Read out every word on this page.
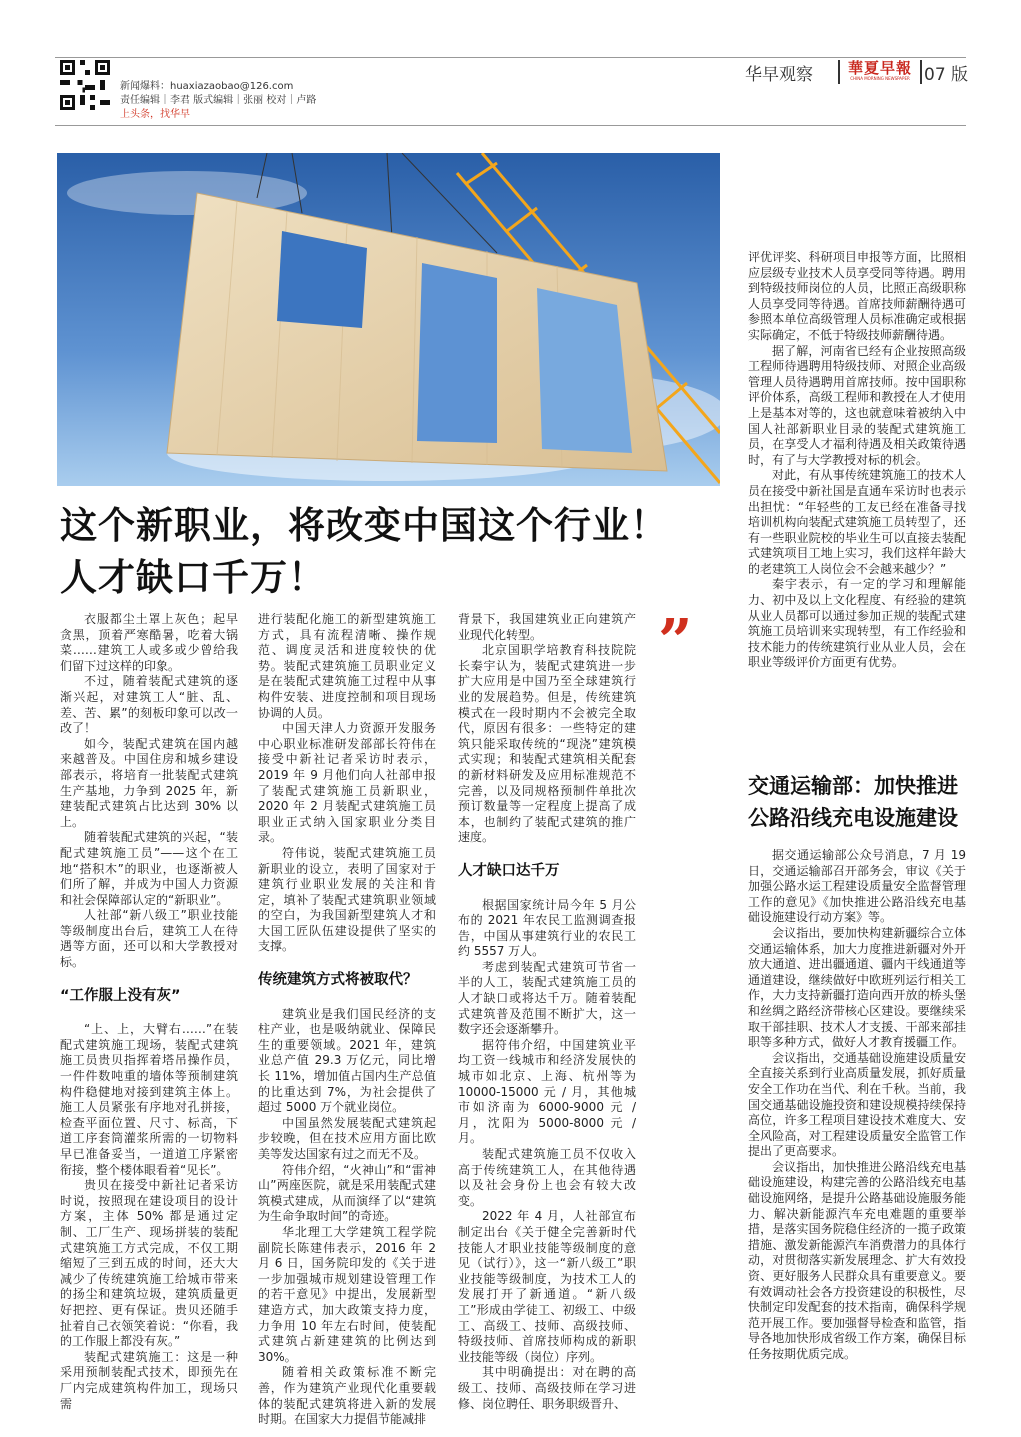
新闻爆料：huaxiazaobao@126.com
责任编辑｜李君 版式编辑｜张丽 校对｜卢路
上头条，找华早
华早观察 華夏早報
CHINA MORNING NEWSPAPER 07 版
这个新职业，将改变中国这个行业！
人才缺口千万！

衣服都尘土罩上灰色；起早贪黑，顶着严寒酷暑，吃着大锅菜……建筑工人或多或少曾给我们留下过这样的印象。

不过，随着装配式建筑的逐渐兴起，对建筑工人“脏、乱、差、苦、累”的刻板印象可以改一改了！

如今，装配式建筑在国内越来越普及。中国住房和城乡建设部表示，将培育一批装配式建筑生产基地，力争到 2025 年，新建装配式建筑占比达到 30% 以上。

随着装配式建筑的兴起，“装配式建筑施工员”——这个在工地“搭积木”的职业，也逐渐被人们所了解，并成为中国人力资源和社会保障部认定的“新职业”。

人社部“新八级工”职业技能等级制度出台后，建筑工人在待遇等方面，还可以和大学教授对标。

“工作服上没有灰”

“上、上，大臂右……”在装配式建筑施工现场，装配式建筑施工员贵贝指挥着塔吊操作员，一件件数吨重的墙体等预制建筑构件稳健地对接到建筑主体上。施工人员紧张有序地对孔拼接，检查平面位置、尺寸、标高，下道工序套筒灌浆所需的一切物料早已准备妥当，一道道工序紧密衔接，整个楼体眼看着“见长”。

贵贝在接受中新社记者采访时说，按照现在建设项目的设计方案，主体 50% 都是通过定制、工厂生产、现场拼装的装配式建筑施工方式完成，不仅工期缩短了三到五成的时间，还大大减少了传统建筑施工给城市带来的扬尘和建筑垃圾，建筑质量更好把控、更有保证。贵贝还随手扯着自己衣领笑着说：“你看，我的工作服上都没有灰。”

装配式建筑施工：这是一种采用预制装配式技术，即预先在厂内完成建筑构件加工，现场只需

进行装配化施工的新型建筑施工方式，具有流程清晰、操作规范、调度灵活和进度较快的优势。装配式建筑施工员职业定义是在装配式建筑施工过程中从事构件安装、进度控制和项目现场协调的人员。

中国天津人力资源开发服务中心职业标准研发部部长符伟在接受中新社记者采访时表示，2019 年 9 月他们向人社部申报了装配式建筑施工员新职业，2020 年 2 月装配式建筑施工员职业正式纳入国家职业分类目录。

符伟说，装配式建筑施工员新职业的设立，表明了国家对于建筑行业职业发展的关注和肯定，填补了装配式建筑职业领域的空白，为我国新型建筑人才和大国工匠队伍建设提供了坚实的支撑。

传统建筑方式将被取代？

建筑业是我们国民经济的支柱产业，也是吸纳就业、保障民生的重要领域。2021 年，建筑业总产值 29.3 万亿元，同比增长 11%，增加值占国内生产总值的比重达到 7%，为社会提供了超过 5000 万个就业岗位。

中国虽然发展装配式建筑起步较晚，但在技术应用方面比欧美等发达国家有过之而无不及。

符伟介绍，“火神山”和“雷神山”两座医院，就是采用装配式建筑模式建成，从而演绎了以“建筑为生命争取时间”的奇迹。

华北理工大学建筑工程学院副院长陈建伟表示，2016 年 2 月 6 日，国务院印发的《关于进一步加强城市规划建设管理工作的若干意见》中提出，发展新型建造方式，加大政策支持力度，力争用 10 年左右时间，使装配式建筑占新建建筑的比例达到 30%。

随着相关政策标准不断完善，作为建筑产业现代化重要载体的装配式建筑将进入新的发展时期。在国家大力提倡节能减排

背景下，我国建筑业正向建筑产业现代化转型。

北京国职学培教育科技院院长秦宇认为，装配式建筑进一步扩大应用是中国乃至全球建筑行业的发展趋势。但是，传统建筑模式在一段时期内不会被完全取代，原因有很多：一些特定的建筑只能采取传统的“现浇”建筑模式实现；和装配式建筑相关配套的新材料研发及应用标准规范不完善，以及同规格预制件单批次预订数量等一定程度上提高了成本，也制约了装配式建筑的推广速度。

人才缺口达千万

根据国家统计局今年 5 月公布的 2021 年农民工监测调查报告，中国从事建筑行业的农民工约 5557 万人。

考虑到装配式建筑可节省一半的人工，装配式建筑施工员的人才缺口或将达千万。随着装配式建筑普及范围不断扩大，这一数字还会逐渐攀升。

据符伟介绍，中国建筑业平均工资一线城市和经济发展快的城市如北京、上海、杭州等为 10000-15000 元 / 月，其他城市如济南为 6000-9000 元 / 月，沈阳为 5000-8000 元 / 月。

装配式建筑施工员不仅收入高于传统建筑工人，在其他待遇以及社会身份上也会有较大改变。

2022 年 4 月，人社部宣布制定出台《关于健全完善新时代技能人才职业技能等级制度的意见（试行）》，这一“新八级工”职业技能等级制度，为技术工人的发展打开了新通道。“新八级工”形成由学徒工、初级工、中级工、高级工、技师、高级技师、特级技师、首席技师构成的新职业技能等级（岗位）序列。

其中明确提出：对在聘的高级工、技师、高级技师在学习进修、岗位聘任、职务职级晋升、

”

评优评奖、科研项目申报等方面，比照相应层级专业技术人员享受同等待遇。聘用到特级技师岗位的人员，比照正高级职称人员享受同等待遇。首席技师薪酬待遇可参照本单位高级管理人员标准确定或根据实际确定，不低于特级技师薪酬待遇。

据了解，河南省已经有企业按照高级工程师待遇聘用特级技师、对照企业高级管理人员待遇聘用首席技师。按中国职称评价体系，高级工程师和教授在人才使用上是基本对等的，这也就意味着被纳入中国人社部新职业目录的装配式建筑施工员，在享受人才福利待遇及相关政策待遇时，有了与大学教授对标的机会。

对此，有从事传统建筑施工的技术人员在接受中新社国是直通车采访时也表示出担忧：“年轻些的工友已经在准备寻找培训机构向装配式建筑施工员转型了，还有一些职业院校的毕业生可以直接去装配式建筑项目工地上实习，我们这样年龄大的老建筑工人岗位会不会越来越少？”

秦宇表示，有一定的学习和理解能力、初中及以上文化程度、有经验的建筑从业人员都可以通过参加正规的装配式建筑施工员培训来实现转型，有工作经验和技术能力的传统建筑行业从业人员，会在职业等级评价方面更有优势。

交通运输部：加快推进公路沿线充电设施建设

据交通运输部公众号消息，7 月 19 日，交通运输部召开部务会，审议《关于加强公路水运工程建设质量安全监督管理工作的意见》《加快推进公路沿线充电基础设施建设行动方案》等。

会议指出，要加快构建新疆综合立体交通运输体系，加大力度推进新疆对外开放大通道、进出疆通道、疆内干线通道等通道建设，继续做好中欧班列运行相关工作，大力支持新疆打造向西开放的桥头堡和丝绸之路经济带核心区建设。要继续采取干部挂职、技术人才支援、干部来部挂职等多种方式，做好人才教育援疆工作。

会议指出，交通基础设施建设质量安全直接关系到行业高质量发展，抓好质量安全工作功在当代、利在千秋。当前，我国交通基础设施投资和建设规模持续保持高位，许多工程项目建设技术难度大、安全风险高，对工程建设质量安全监管工作提出了更高要求。

会议指出，加快推进公路沿线充电基础设施建设，构建完善的公路沿线充电基础设施网络，是提升公路基础设施服务能力、解决新能源汽车充电难题的重要举措，是落实国务院稳住经济的一揽子政策措施、激发新能源汽车消费潜力的具体行动，对贯彻落实新发展理念、扩大有效投资、更好服务人民群众具有重要意义。要有效调动社会各方投资建设的积极性，尽快制定印发配套的技术指南，确保科学规范开展工作。要加强督导检查和监管，指导各地加快形成省级工作方案，确保目标任务按期优质完成。
